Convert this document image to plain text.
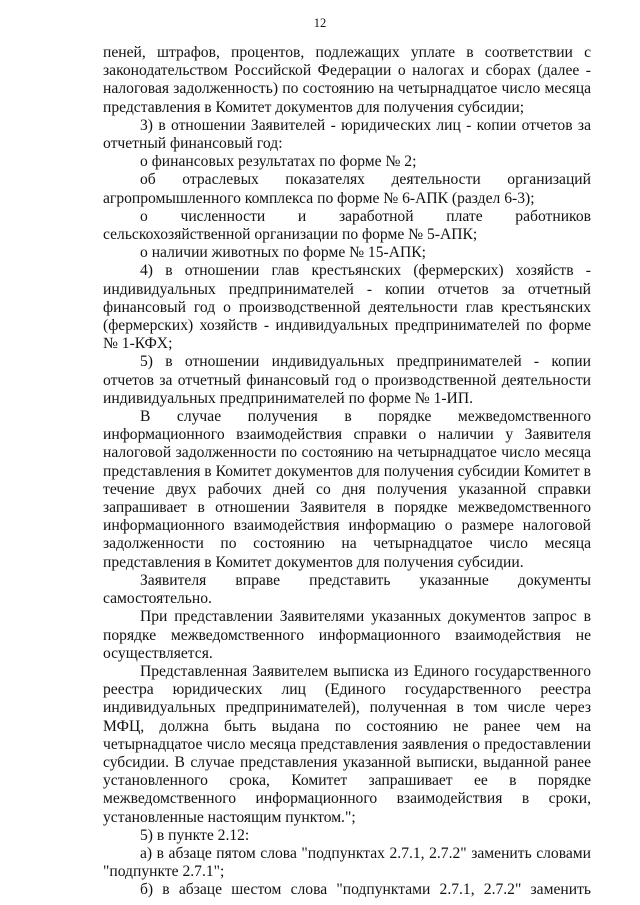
12

пеней, штрафов, процентов, подлежащих уплате в соответствии с законодательством Российской Федерации о налогах и сборах (далее - налоговая задолженность) по состоянию на четырнадцатое число месяца представления в Комитет документов для получения субсидии;

3) в отношении Заявителей - юридических лиц - копии отчетов за отчетный финансовый год:

о финансовых результатах по форме № 2;

об отраслевых показателях деятельности организаций агропромышленного комплекса по форме № 6-АПК (раздел 6-3);

о численности и заработной плате работников сельскохозяйственной организации по форме № 5-АПК;

о наличии животных по форме № 15-АПК;

4) в отношении глав крестьянских (фермерских) хозяйств - индивидуальных предпринимателей - копии отчетов за отчетный финансовый год о производственной деятельности глав крестьянских (фермерских) хозяйств - индивидуальных предпринимателей по форме № 1-КФХ;

5) в отношении индивидуальных предпринимателей - копии отчетов за отчетный финансовый год о производственной деятельности индивидуальных предпринимателей по форме № 1-ИП.

В случае получения в порядке межведомственного информационного взаимодействия справки о наличии у Заявителя налоговой задолженности по состоянию на четырнадцатое число месяца представления в Комитет документов для получения субсидии Комитет в течение двух рабочих дней со дня получения указанной справки запрашивает в отношении Заявителя в порядке межведомственного информационного взаимодействия информацию о размере налоговой задолженности по состоянию на четырнадцатое число месяца представления в Комитет документов для получения субсидии.

Заявителя вправе представить указанные документы самостоятельно.

При представлении Заявителями указанных документов запрос в порядке межведомственного информационного взаимодействия не осуществляется.

Представленная Заявителем выписка из Единого государственного реестра юридических лиц (Единого государственного реестра индивидуальных предпринимателей), полученная в том числе через МФЦ, должна быть выдана по состоянию не ранее чем на четырнадцатое число месяца представления заявления о предоставлении субсидии. В случае представления указанной выписки, выданной ранее установленного срока, Комитет запрашивает ее в порядке межведомственного информационного взаимодействия в сроки, установленные настоящим пунктом.";

5) в пункте 2.12:

а) в абзаце пятом слова "подпунктах 2.7.1, 2.7.2" заменить словами "подпункте 2.7.1";

б) в абзаце шестом слова "подпунктами 2.7.1, 2.7.2" заменить
